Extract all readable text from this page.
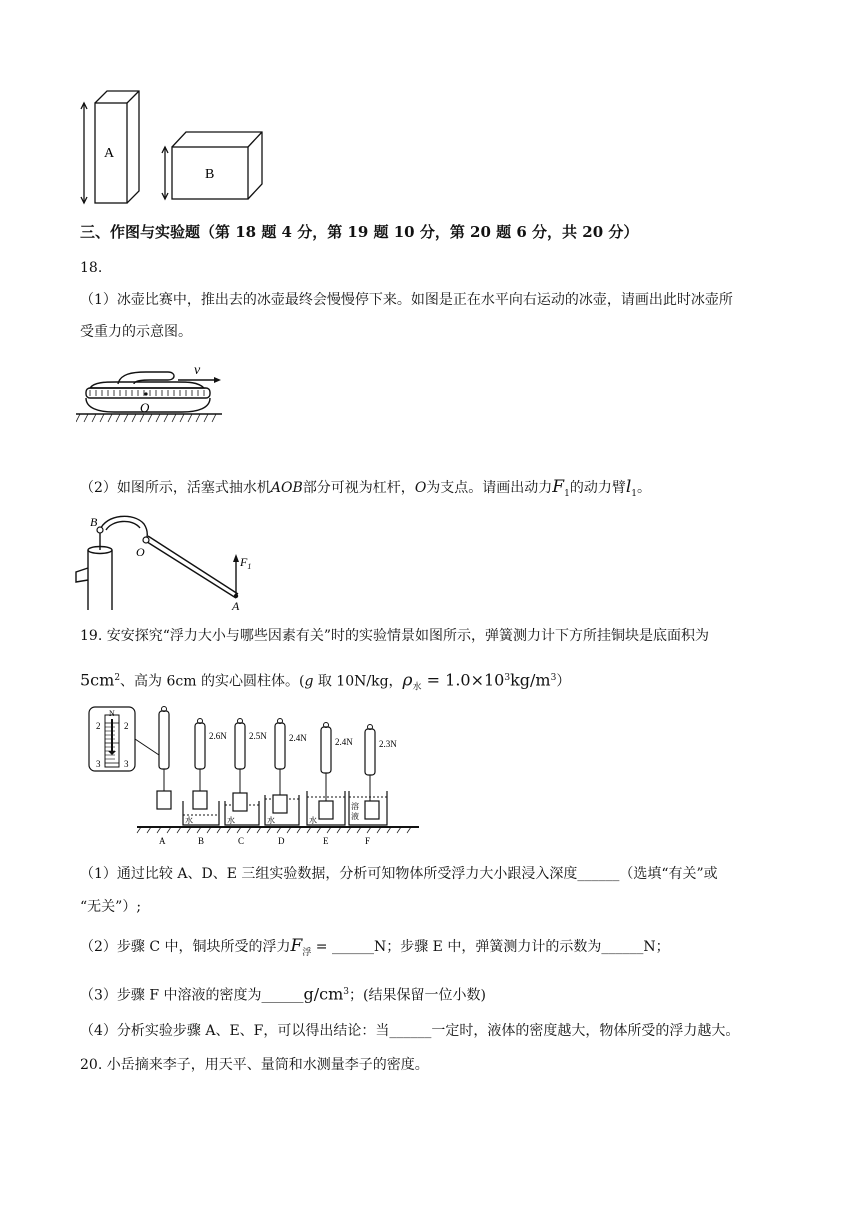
A
B
三、作图与实验题（第 18 题 4 分，第 19 题 10 分，第 20 题 6 分，共 20 分）
18.
（1）冰壶比赛中，推出去的冰壶最终会慢慢停下来。如图是正在水平向右运动的冰壶，请画出此时冰壶所
受重力的示意图。
v
O
（2）如图所示，活塞式抽水机AOB部分可视为杠杆，O为支点。请画出动力$F_1$的动力臂$l_1$。
B
O
A
$F_1$
19. 安安探究“浮力大小与哪些因素有关”时的实验情景如图所示，弹簧测力计下方所挂铜块是底面积为
$5cm^2$、高为 6cm 的实心圆柱体。(g 取 10N/kg，$\rho_水 = 1.0\times 10^3kg/m^3$）
N
2	2
3	3
2.6N 2.5N 2.4N	2.4N	2.3N
水	水	水	水
溶
液
A	B	C	D	E	F
（1）通过比较 A、D、E 三组实验数据，分析可知物体所受浮力大小跟浸入深度______（选填“有关”或
“无关”）;
（2）步骤 C 中，铜块所受的浮力$F_浮$ = ______N；步骤 E 中，弹簧测力计的示数为______N；
（3）步骤 F 中溶液的密度为$\_\_\_\_\_\_g/cm^3$；(结果保留一位小数)
（4）分析实验步骤 A、E、F，可以得出结论：当______一定时，液体的密度越大，物体所受的浮力越大。
20. 小岳摘来李子，用天平、量筒和水测量李子的密度。
